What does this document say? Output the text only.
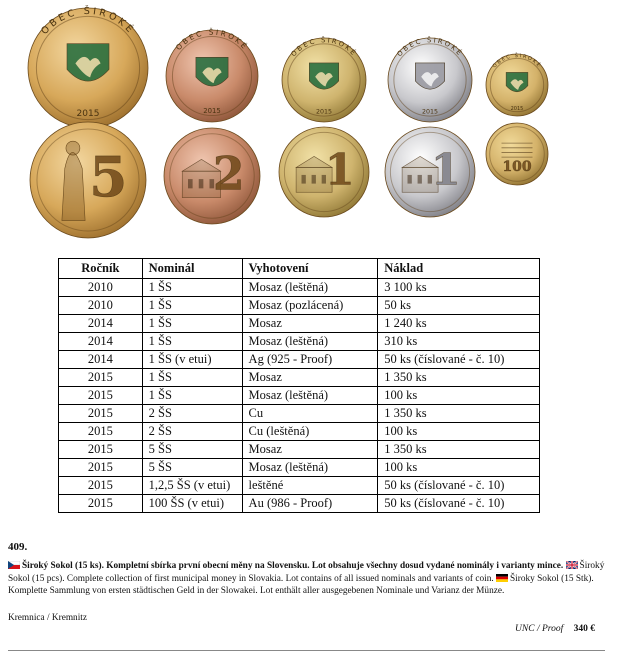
OBEC ŠIROKÉ
2015
OBEC ŠIROKÉ
2015
OBEC ŠIROKÉ
2015
OBEC ŠIROKÉ
2015
OBEC ŠIROKÉ
2015
5 2 1 1	100
Ročník	Nominál	Vyhotovení	Náklad
2010	1 ŠS	Mosaz (leštěná)	3 100 ks
2010	1 ŠS	Mosaz (pozlácená)	50 ks
2014	1 ŠS	Mosaz	1 240 ks
2014	1 ŠS	Mosaz (leštěná)	310 ks
2014	1 ŠS (v etui)	Ag (925 - Proof)	50 ks (číslované - č. 10)
2015	1 ŠS	Mosaz	1 350 ks
2015	1 ŠS	Mosaz (leštěná)	100 ks
2015	2 ŠS	Cu	1 350 ks
2015	2 ŠS	Cu (leštěná)	100 ks
2015	5 ŠS	Mosaz	1 350 ks
2015	5 ŠS	Mosaz (leštěná)	100 ks
2015	1,2,5 ŠS (v etui)	leštěné	50 ks (číslované - č. 10)
2015	100 ŠS (v etui)	Au (986 - Proof)	50 ks (číslované - č. 10)
409.
Široký Sokol (15 ks). Kompletní sbírka první obecní měny na Slovensku. Lot obsahuje všechny dosud vydané nominály i varianty mince. Široký Sokol (15 pcs). Complete collection of first municipal money in Slovakia. Lot contains of all issued nominals and variants of coin. Široky Sokol (15 Stk). Komplette Sammlung von ersten städtischen Geld in der Slowakei. Lot enthält aller ausgegebenen Nominale und Varianz der Münze.
Kremnica / Kremnitz
UNC / Proof 340 €
